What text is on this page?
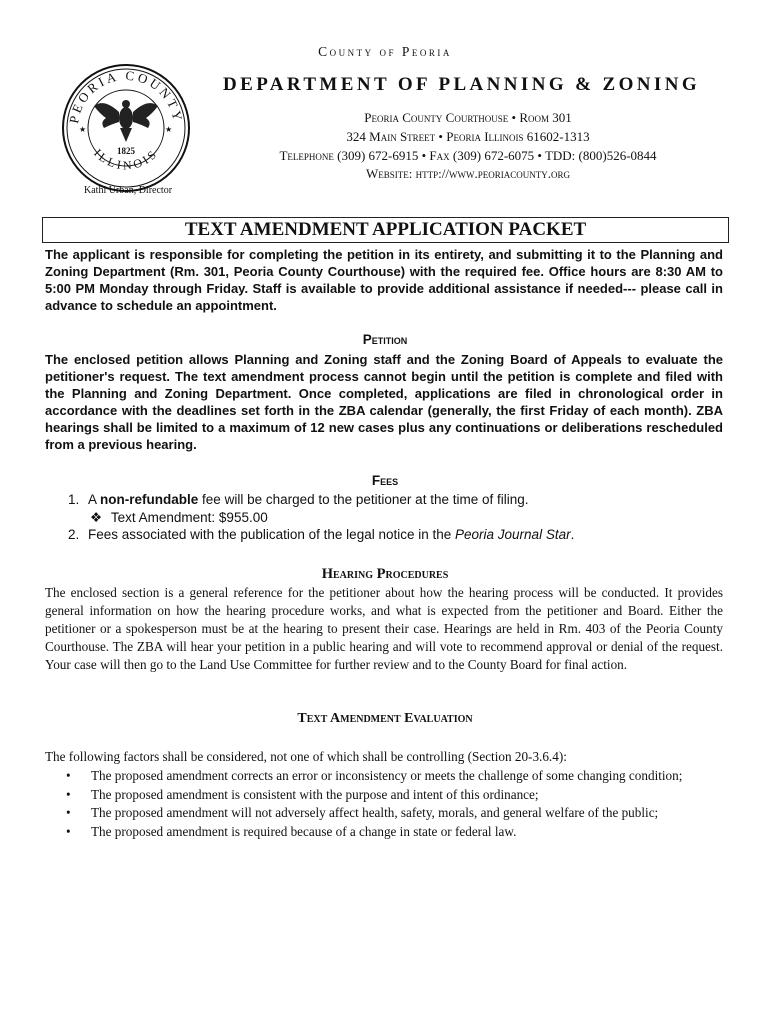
PEORIA COUNTY
ILLINOIS
1825
★	★
Kathi Urban, Director
County of Peoria
DEPARTMENT OF PLANNING & ZONING
Peoria County Courthouse • Room 301
324 Main Street • Peoria Illinois 61602-1313
Telephone (309) 672-6915 • Fax (309) 672-6075 • TDD: (800)526-0844
Website: http://www.peoriacounty.org
TEXT AMENDMENT APPLICATION PACKET

The applicant is responsible for completing the petition in its entirety, and submitting it to the Planning and Zoning Department (Rm. 301, Peoria County Courthouse) with the required fee. Office hours are 8:30 AM to 5:00 PM Monday through Friday. Staff is available to provide additional assistance if needed--- please call in advance to schedule an appointment.

Petition

The enclosed petition allows Planning and Zoning staff and the Zoning Board of Appeals to evaluate the petitioner's request. The text amendment process cannot begin until the petition is complete and filed with the Planning and Zoning Department. Once completed, applications are filed in chronological order in accordance with the deadlines set forth in the ZBA calendar (generally, the first Friday of each month). ZBA hearings shall be limited to a maximum of 12 new cases plus any continuations or deliberations rescheduled from a previous hearing.

Fees
1. A non-refundable fee will be charged to the petitioner at the time of filing.
❖ Text Amendment: $955.00
2. Fees associated with the publication of the legal notice in the Peoria Journal Star.
Hearing Procedures

The enclosed section is a general reference for the petitioner about how the hearing process will be conducted. It provides general information on how the hearing procedure works, and what is expected from the petitioner and Board. Either the petitioner or a spokesperson must be at the hearing to present their case. Hearings are held in Rm. 403 of the Peoria County Courthouse. The ZBA will hear your petition in a public hearing and will vote to recommend approval or denial of the request. Your case will then go to the Land Use Committee for further review and to the County Board for final action.

Text Amendment Evaluation

The following factors shall be considered, not one of which shall be controlling (Section 20-3.6.4):

• The proposed amendment corrects an error or inconsistency or meets the challenge of some changing condition;
• The proposed amendment is consistent with the purpose and intent of this ordinance;
• The proposed amendment will not adversely affect health, safety, morals, and general welfare of the public;
• The proposed amendment is required because of a change in state or federal law.
